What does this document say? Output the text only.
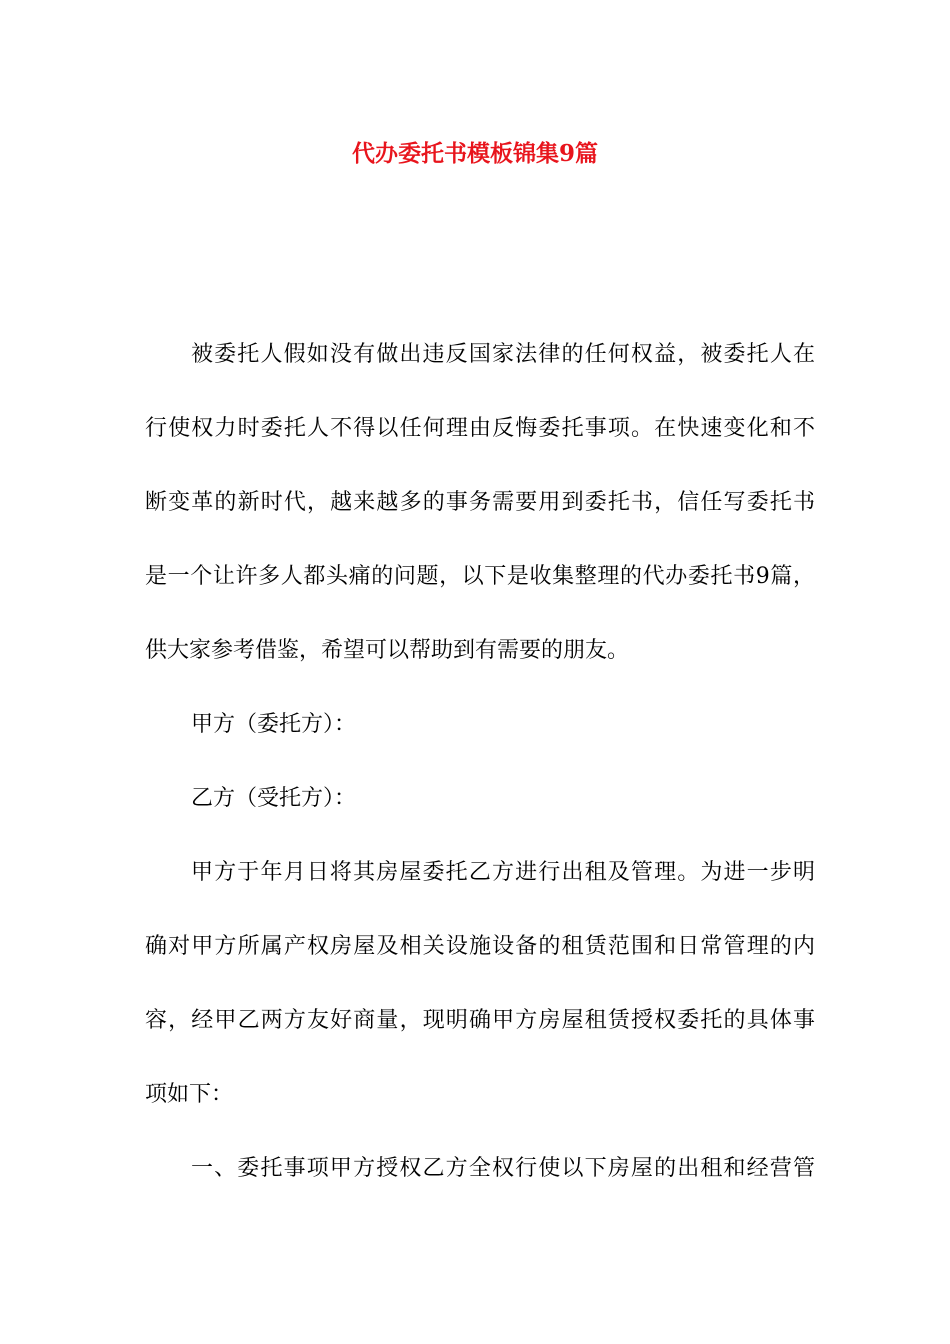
代办委托书模板锦集9篇
被委托人假如没有做出违反国家法律的任何权益，被委托人在
行使权力时委托人不得以任何理由反悔委托事项。在快速变化和不
断变革的新时代，越来越多的事务需要用到委托书，信任写委托书
是一个让许多人都头痛的问题，以下是收集整理的代办委托书9篇，
供大家参考借鉴，希望可以帮助到有需要的朋友。
甲方（委托方）：
乙方（受托方）：
甲方于年月日将其房屋委托乙方进行出租及管理。为进一步明
确对甲方所属产权房屋及相关设施设备的租赁范围和日常管理的内
容，经甲乙两方友好商量，现明确甲方房屋租赁授权委托的具体事
项如下：
一、委托事项甲方授权乙方全权行使以下房屋的出租和经营管
